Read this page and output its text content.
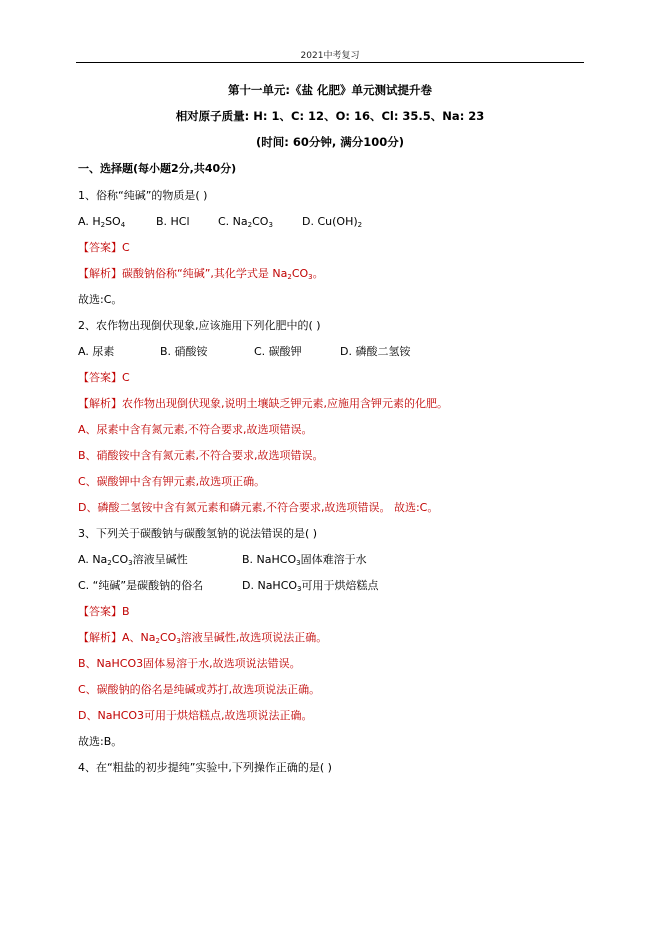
2021中考复习
第十一单元:《盐 化肥》单元测试提升卷
相对原子质量: H: 1、C: 12、O: 16、Cl: 35.5、Na: 23
(时间: 60分钟, 满分100分)
一、选择题(每小题2分,共40分)
1、俗称“纯碱”的物质是( )
A. $H_2SO_4$	B. HCl	C. $Na_2CO_3$	D. $Cu(OH)_2$
【答案】C
【解析】碳酸钠俗称“纯碱”,其化学式是 $Na_2CO_3$。
故选:C。
2、农作物出现倒伏现象,应该施用下列化肥中的( )
A. 尿素	B. 硝酸铵	C. 碳酸钾	D. 磷酸二氢铵
【答案】C
【解析】农作物出现倒伏现象,说明土壤缺乏钾元素,应施用含钾元素的化肥。
A、尿素中含有氮元素,不符合要求,故选项错误。
B、硝酸铵中含有氮元素,不符合要求,故选项错误。
C、碳酸钾中含有钾元素,故选项正确。
D、磷酸二氢铵中含有氮元素和磷元素,不符合要求,故选项错误。 故选:C。
3、下列关于碳酸钠与碳酸氢钠的说法错误的是( )
A. $Na_2CO_3$溶液呈碱性	B. NaHCO$_3$固体难溶于水
C. “纯碱”是碳酸钠的俗名	D. NaHCO$_3$可用于烘焙糕点
【答案】B
【解析】A、$Na_2CO_3$溶液呈碱性,故选项说法正确。
B、NaHCO3固体易溶于水,故选项说法错误。
C、碳酸钠的俗名是纯碱或苏打,故选项说法正确。
D、NaHCO3可用于烘焙糕点,故选项说法正确。
故选:B。
4、在“粗盐的初步提纯”实验中,下列操作正确的是( )
